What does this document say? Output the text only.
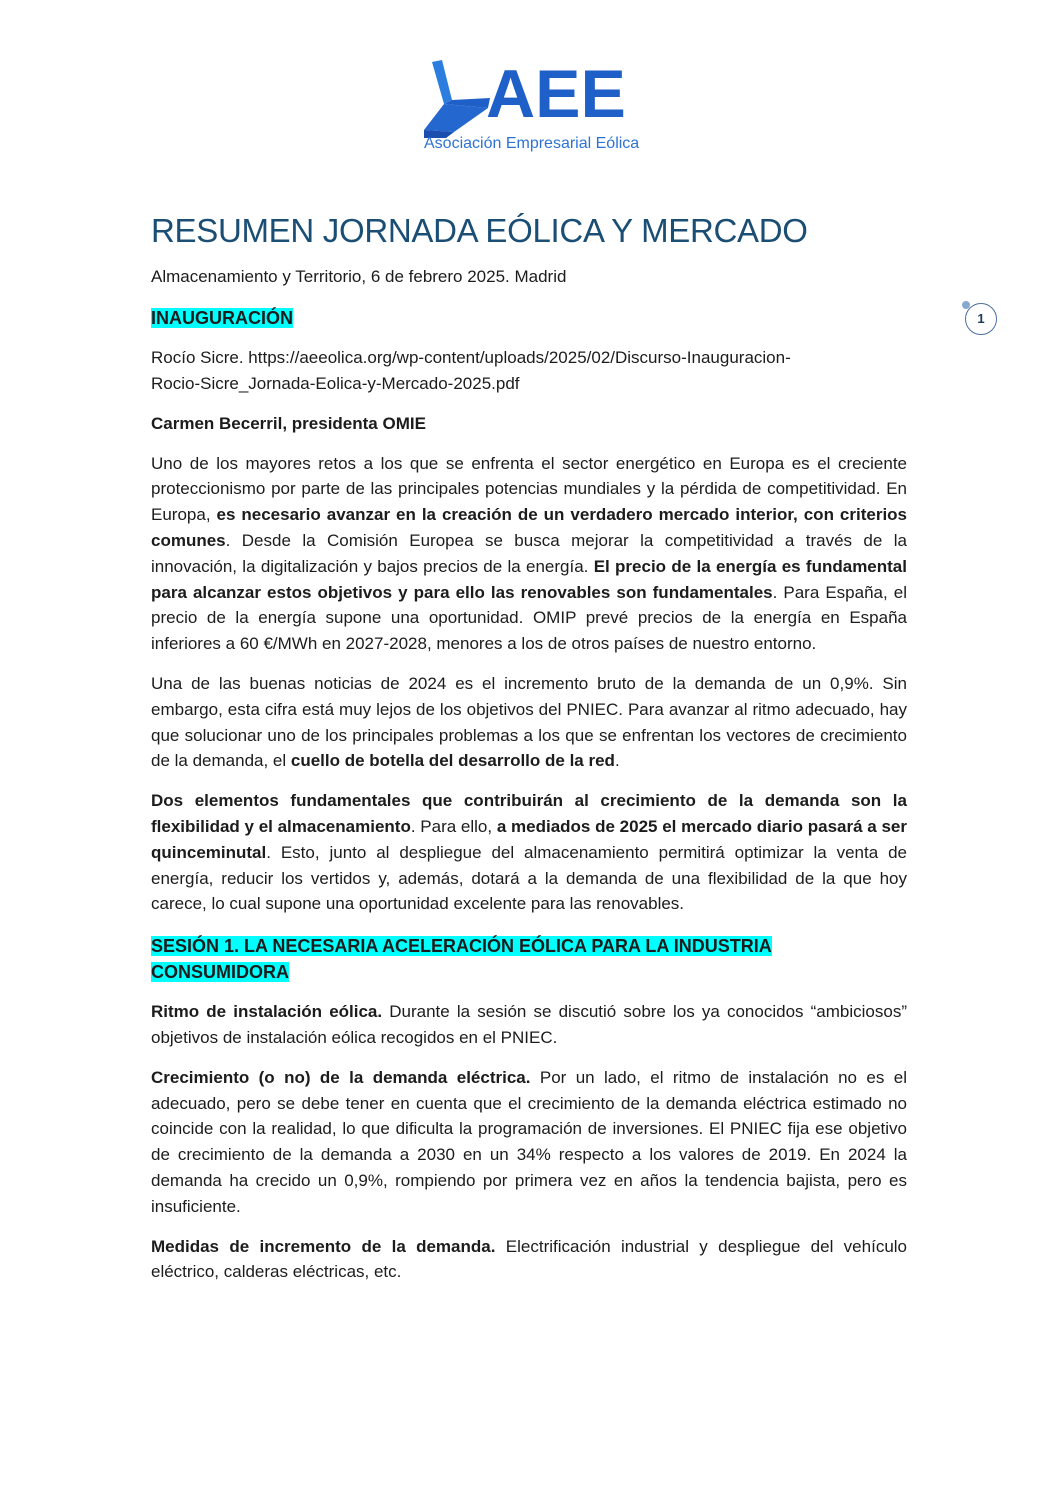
AEE
Asociación Empresarial Eólica
1
RESUMEN JORNADA EÓLICA Y MERCADO
Almacenamiento y Territorio, 6 de febrero 2025. Madrid
INAUGURACIÓN

Rocío Sicre. https://aeeolica.org/wp-content/uploads/2025/02/Discurso-Inauguracion-
Rocio-Sicre_Jornada-Eolica-y-Mercado-2025.pdf

Carmen Becerril, presidenta OMIE

Uno de los mayores retos a los que se enfrenta el sector energético en Europa es el creciente proteccionismo por parte de las principales potencias mundiales y la pérdida de competitividad. En Europa, es necesario avanzar en la creación de un verdadero mercado interior, con criterios comunes. Desde la Comisión Europea se busca mejorar la competitividad a través de la innovación, la digitalización y bajos precios de la energía. El precio de la energía es fundamental para alcanzar estos objetivos y para ello las renovables son fundamentales. Para España, el precio de la energía supone una oportunidad. OMIP prevé precios de la energía en España inferiores a 60 €/MWh en 2027-2028, menores a los de otros países de nuestro entorno.

Una de las buenas noticias de 2024 es el incremento bruto de la demanda de un 0,9%. Sin embargo, esta cifra está muy lejos de los objetivos del PNIEC. Para avanzar al ritmo adecuado, hay que solucionar uno de los principales problemas a los que se enfrentan los vectores de crecimiento de la demanda, el cuello de botella del desarrollo de la red.

Dos elementos fundamentales que contribuirán al crecimiento de la demanda son la flexibilidad y el almacenamiento. Para ello, a mediados de 2025 el mercado diario pasará a ser quinceminutal. Esto, junto al despliegue del almacenamiento permitirá optimizar la venta de energía, reducir los vertidos y, además, dotará a la demanda de una flexibilidad de la que hoy carece, lo cual supone una oportunidad excelente para las renovables.

SESIÓN 1. LA NECESARIA ACELERACIÓN EÓLICA PARA LA INDUSTRIA
CONSUMIDORA

Ritmo de instalación eólica. Durante la sesión se discutió sobre los ya conocidos “ambiciosos” objetivos de instalación eólica recogidos en el PNIEC.

Crecimiento (o no) de la demanda eléctrica. Por un lado, el ritmo de instalación no es el adecuado, pero se debe tener en cuenta que el crecimiento de la demanda eléctrica estimado no coincide con la realidad, lo que dificulta la programación de inversiones. El PNIEC fija ese objetivo de crecimiento de la demanda a 2030 en un 34% respecto a los valores de 2019. En 2024 la demanda ha crecido un 0,9%, rompiendo por primera vez en años la tendencia bajista, pero es insuficiente.

Medidas de incremento de la demanda. Electrificación industrial y despliegue del vehículo eléctrico, calderas eléctricas, etc.
